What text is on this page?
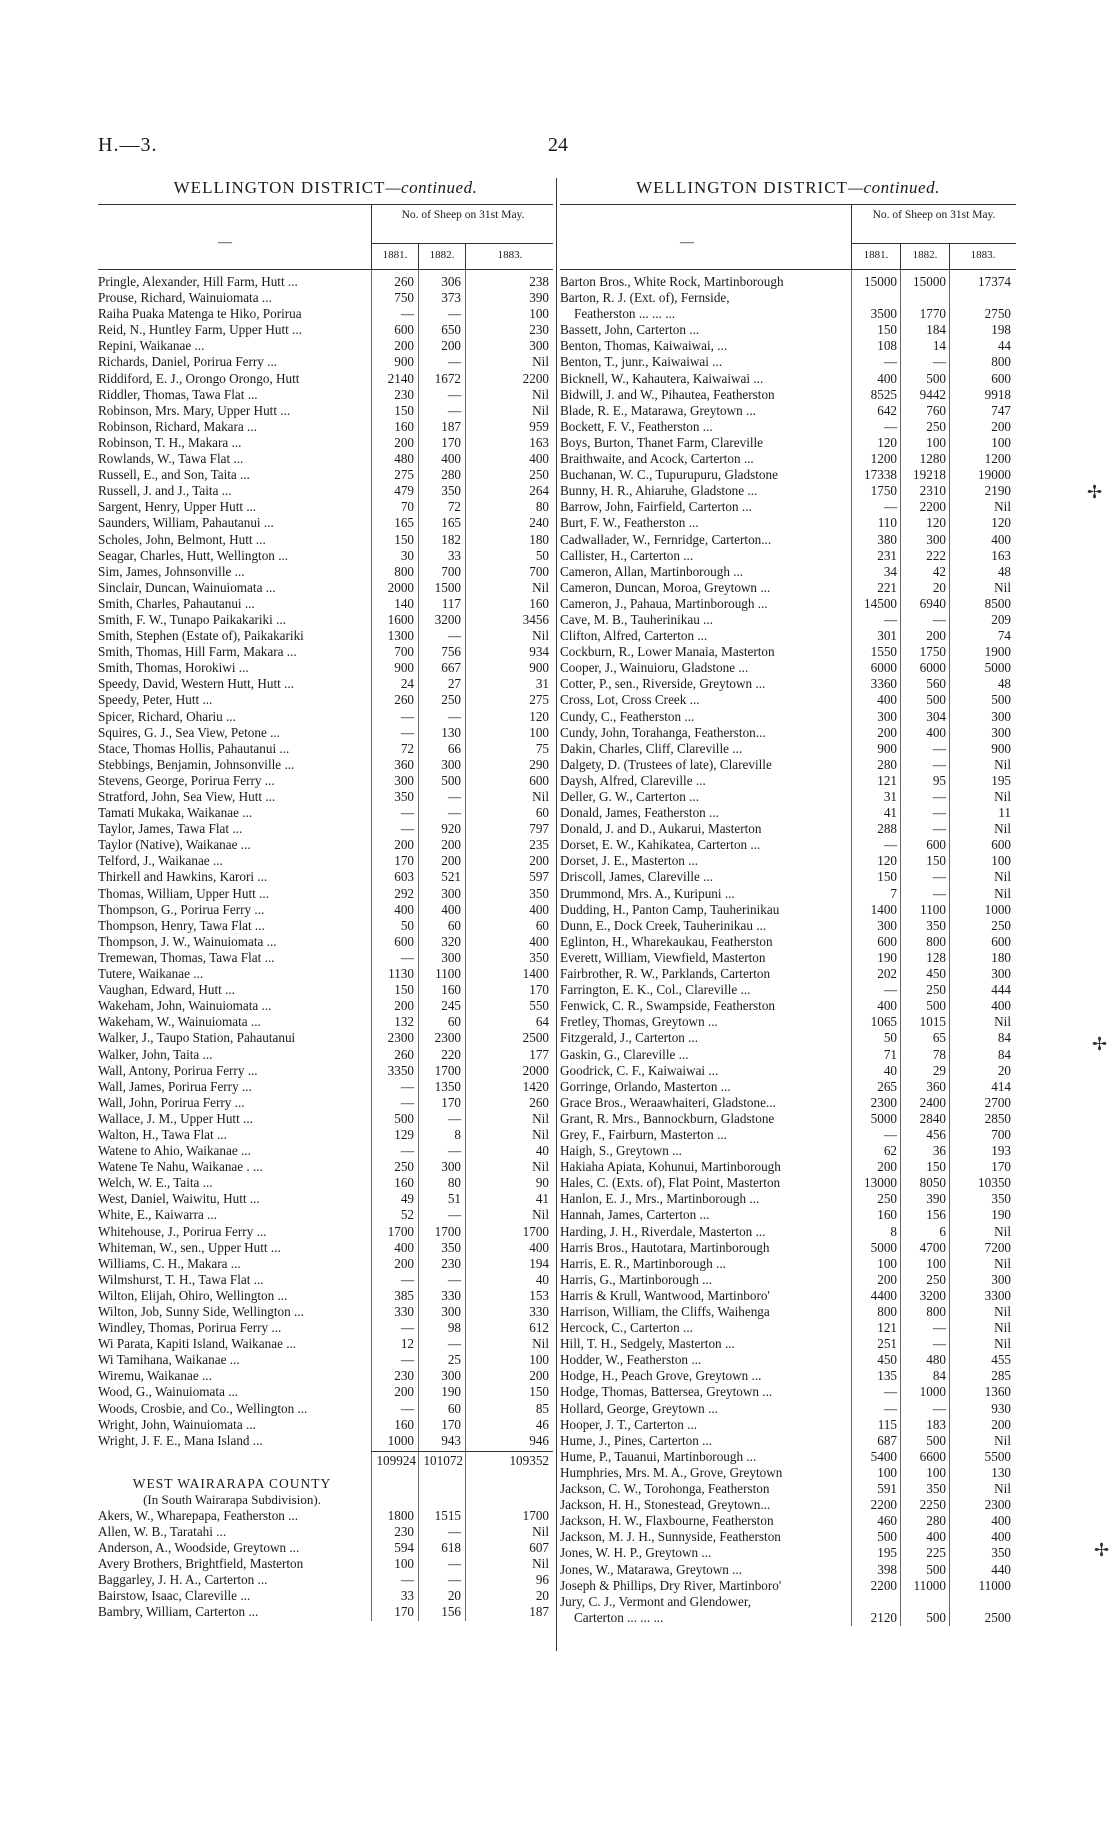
H.—3.	24
WELLINGTON DISTRICT—continued.
—
No. of Sheep on 31st May.
1881.	1882.	1883.
Pringle, Alexander, Hill Farm, Hutt ...	260	306	238
Prouse, Richard, Wainuiomata ...	750	373	390
Raiha Puaka Matenga te Hiko, Porirua	—	—	100
Reid, N., Huntley Farm, Upper Hutt ...	600	650	230
Repini, Waikanae ...	200	200	300
Richards, Daniel, Porirua Ferry ...	900	—	Nil
Riddiford, E. J., Orongo Orongo, Hutt	2140	1672	2200
Riddler, Thomas, Tawa Flat ...	230	—	Nil
Robinson, Mrs. Mary, Upper Hutt ...	150	—	Nil
Robinson, Richard, Makara ...	160	187	959
Robinson, T. H., Makara ...	200	170	163
Rowlands, W., Tawa Flat ...	480	400	400
Russell, E., and Son, Taita ...	275	280	250
Russell, J. and J., Taita ...	479	350	264
Sargent, Henry, Upper Hutt ...	70	72	80
Saunders, William, Pahautanui ...	165	165	240
Scholes, John, Belmont, Hutt ...	150	182	180
Seagar, Charles, Hutt, Wellington ...	30	33	50
Sim, James, Johnsonville ...	800	700	700
Sinclair, Duncan, Wainuiomata ...	2000	1500	Nil
Smith, Charles, Pahautanui ...	140	117	160
Smith, F. W., Tunapo Paikakariki ...	1600	3200	3456
Smith, Stephen (Estate of), Paikakariki	1300	—	Nil
Smith, Thomas, Hill Farm, Makara ...	700	756	934
Smith, Thomas, Horokiwi ...	900	667	900
Speedy, David, Western Hutt, Hutt ...	24	27	31
Speedy, Peter, Hutt ...	260	250	275
Spicer, Richard, Ohariu ...	—	—	120
Squires, G. J., Sea View, Petone ...	—	130	100
Stace, Thomas Hollis, Pahautanui ...	72	66	75
Stebbings, Benjamin, Johnsonville ...	360	300	290
Stevens, George, Porirua Ferry ...	300	500	600
Stratford, John, Sea View, Hutt ...	350	—	Nil
Tamati Mukaka, Waikanae ...	—	—	60
Taylor, James, Tawa Flat ...	—	920	797
Taylor (Native), Waikanae ...	200	200	235
Telford, J., Waikanae ...	170	200	200
Thirkell and Hawkins, Karori ...	603	521	597
Thomas, William, Upper Hutt ...	292	300	350
Thompson, G., Porirua Ferry ...	400	400	400
Thompson, Henry, Tawa Flat ...	50	60	60
Thompson, J. W., Wainuiomata ...	600	320	400
Tremewan, Thomas, Tawa Flat ...	—	300	350
Tutere, Waikanae ...	1130	1100	1400
Vaughan, Edward, Hutt ...	150	160	170
Wakeham, John, Wainuiomata ...	200	245	550
Wakeham, W., Wainuiomata ...	132	60	64
Walker, J., Taupo Station, Pahautanui	2300	2300	2500
Walker, John, Taita ...	260	220	177
Wall, Antony, Porirua Ferry ...	3350	1700	2000
Wall, James, Porirua Ferry ...	—	1350	1420
Wall, John, Porirua Ferry ...	—	170	260
Wallace, J. M., Upper Hutt ...	500	—	Nil
Walton, H., Tawa Flat ...	129	8	Nil
Watene to Ahio, Waikanae ...	—	—	40
Watene Te Nahu, Waikanae . ...	250	300	Nil
Welch, W. E., Taita ...	160	80	90
West, Daniel, Waiwitu, Hutt ...	49	51	41
White, E., Kaiwarra ...	52	—	Nil
Whitehouse, J., Porirua Ferry ...	1700	1700	1700
Whiteman, W., sen., Upper Hutt ...	400	350	400
Williams, C. H., Makara ...	200	230	194
Wilmshurst, T. H., Tawa Flat ...	—	—	40
Wilton, Elijah, Ohiro, Wellington ...	385	330	153
Wilton, Job, Sunny Side, Wellington ...	330	300	330
Windley, Thomas, Porirua Ferry ...	—	98	612
Wi Parata, Kapiti Island, Waikanae ...	12	—	Nil
Wi Tamihana, Waikanae ...	—	25	100
Wiremu, Waikanae ...	230	300	200
Wood, G., Wainuiomata ...	200	190	150
Woods, Crosbie, and Co., Wellington ...	—	60	85
Wright, John, Wainuiomata ...	160	170	46
Wright, J. F. E., Mana Island ...	1000	943	946
109924 101072	109352
WEST WAIRARAPA COUNTY
(In South Wairarapa Subdivision).
Akers, W., Wharepapa, Featherston ...	1800	1515	1700
Allen, W. B., Taratahi ...	230	—	Nil
Anderson, A., Woodside, Greytown ...	594	618	607
Avery Brothers, Brightfield, Masterton	100	—	Nil
Baggarley, J. H. A., Carterton ...	—	—	96
Bairstow, Isaac, Clareville ...	33	20	20
Bambry, William, Carterton ...	170	156	187
WELLINGTON DISTRICT—continued.
—
No. of Sheep on 31st May.
1881.	1882.	1883.
Barton Bros., White Rock, Martinborough	15000	15000	17374
Barton, R. J. (Ext. of), Fernside,
Featherston ... ... ...	3500	1770	2750
Bassett, John, Carterton ...	150	184	198
Benton, Thomas, Kaiwaiwai, ...	108	14	44
Benton, T., junr., Kaiwaiwai ...	—	—	800
Bicknell, W., Kahautera, Kaiwaiwai ...	400	500	600
Bidwill, J. and W., Pihautea, Featherston	8525	9442	9918
Blade, R. E., Matarawa, Greytown ...	642	760	747
Bockett, F. V., Featherston ...	—	250	200
Boys, Burton, Thanet Farm, Clareville	120	100	100
Braithwaite, and Acock, Carterton ...	1200	1280	1200
Buchanan, W. C., Tupurupuru, Gladstone	17338	19218	19000
Bunny, H. R., Ahiaruhe, Gladstone ...	1750	2310	2190
Barrow, John, Fairfield, Carterton ...	—	2200	Nil
Burt, F. W., Featherston ...	110	120	120
Cadwallader, W., Fernridge, Carterton...	380	300	400
Callister, H., Carterton ...	231	222	163
Cameron, Allan, Martinborough ...	34	42	48
Cameron, Duncan, Moroa, Greytown ...	221	20	Nil
Cameron, J., Pahaua, Martinborough ...	14500	6940	8500
Cave, M. B., Tauherinikau ...	—	—	209
Clifton, Alfred, Carterton ...	301	200	74
Cockburn, R., Lower Manaia, Masterton	1550	1750	1900
Cooper, J., Wainuioru, Gladstone ...	6000	6000	5000
Cotter, P., sen., Riverside, Greytown ...	3360	560	48
Cross, Lot, Cross Creek ...	400	500	500
Cundy, C., Featherston ...	300	304	300
Cundy, John, Torahanga, Featherston...	200	400	300
Dakin, Charles, Cliff, Clareville ...	900	—	900
Dalgety, D. (Trustees of late), Clareville	280	—	Nil
Daysh, Alfred, Clareville ...	121	95	195
Deller, G. W., Carterton ...	31	—	Nil
Donald, James, Featherston ...	41	—	11
Donald, J. and D., Aukarui, Masterton	288	—	Nil
Dorset, E. W., Kahikatea, Carterton ...	—	600	600
Dorset, J. E., Masterton ...	120	150	100
Driscoll, James, Clareville ...	150	—	Nil
Drummond, Mrs. A., Kuripuni ...	7	—	Nil
Dudding, H., Panton Camp, Tauherinikau	1400	1100	1000
Dunn, E., Dock Creek, Tauherinikau ...	300	350	250
Eglinton, H., Wharekaukau, Featherston	600	800	600
Everett, William, Viewfield, Masterton	190	128	180
Fairbrother, R. W., Parklands, Carterton	202	450	300
Farrington, E. K., Col., Clareville ...	—	250	444
Fenwick, C. R., Swampside, Featherston	400	500	400
Fretley, Thomas, Greytown ...	1065	1015	Nil
Fitzgerald, J., Carterton ...	50	65	84
Gaskin, G., Clareville ...	71	78	84
Goodrick, C. F., Kaiwaiwai ...	40	29	20
Gorringe, Orlando, Masterton ...	265	360	414
Grace Bros., Weraawhaiteri, Gladstone...	2300	2400	2700
Grant, R. Mrs., Bannockburn, Gladstone	5000	2840	2850
Grey, F., Fairburn, Masterton ...	—	456	700
Haigh, S., Greytown ...	62	36	193
Hakiaha Apiata, Kohunui, Martinborough	200	150	170
Hales, C. (Exts. of), Flat Point, Masterton	13000	8050	10350
Hanlon, E. J., Mrs., Martinborough ...	250	390	350
Hannah, James, Carterton ...	160	156	190
Harding, J. H., Riverdale, Masterton ...	8	6	Nil
Harris Bros., Hautotara, Martinborough	5000	4700	7200
Harris, E. R., Martinborough ...	100	100	Nil
Harris, G., Martinborough ...	200	250	300
Harris & Krull, Wantwood, Martinboro'	4400	3200	3300
Harrison, William, the Cliffs, Waihenga	800	800	Nil
Hercock, C., Carterton ...	121	—	Nil
Hill, T. H., Sedgely, Masterton ...	251	—	Nil
Hodder, W., Featherston ...	450	480	455
Hodge, H., Peach Grove, Greytown ...	135	84	285
Hodge, Thomas, Battersea, Greytown ...	—	1000	1360
Hollard, George, Greytown ...	—	—	930
Hooper, J. T., Carterton ...	115	183	200
Hume, J., Pines, Carterton ...	687	500	Nil
Hume, P., Tauanui, Martinborough ...	5400	6600	5500
Humphries, Mrs. M. A., Grove, Greytown	100	100	130
Jackson, C. W., Torohonga, Featherston	591	350	Nil
Jackson, H. H., Stonestead, Greytown...	2200	2250	2300
Jackson, H. W., Flaxbourne, Featherston	460	280	400
Jackson, M. J. H., Sunnyside, Featherston	500	400	400
Jones, W. H. P., Greytown ...	195	225	350
Jones, W., Matarawa, Greytown ...	398	500	440
Joseph & Phillips, Dry River, Martinboro'	2200	11000	11000
Jury, C. J., Vermont and Glendower,
Carterton ... ... ...	2120	500	2500
✢
✢
✢
